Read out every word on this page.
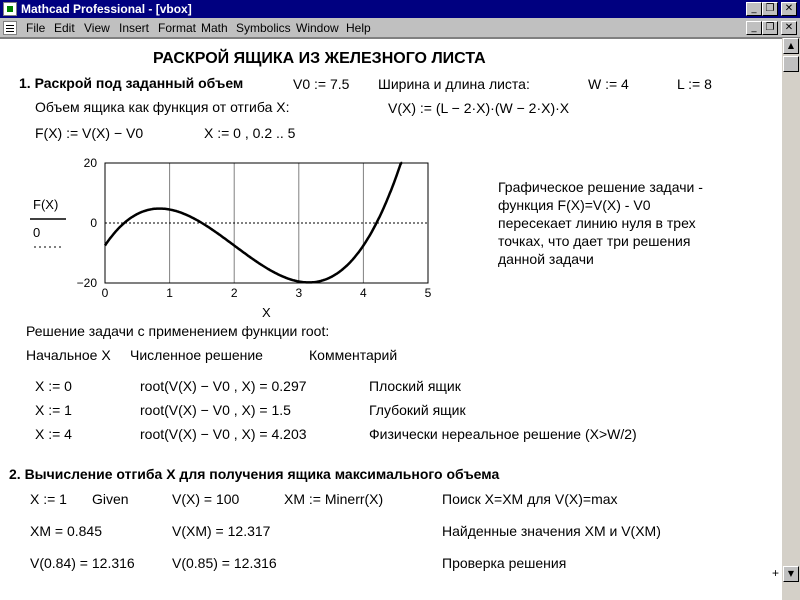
Mathcad Professional - [vbox]	_ ❐	✕
File Edit View Insert Format Math Symbolics Window Help	_ ❐	✕
РАСКРОЙ ЯЩИКА ИЗ ЖЕЛЕЗНОГО ЛИСТА
1. Раскрой под заданный объем	V0 := 7.5 Ширина и длина листа:	W := 4	L := 8
Объем ящика как функция от отгиба X:	V(X) := (L − 2·X)·(W − 2·X)·X
F(X) := V(X) − V0	X := 0 , 0.2 .. 5
0	1	2	3	4	5
20
0
−20
F(X)
0
X
Графическое решение задачи -
функция F(X)=V(X) - V0
пересекает линию нуля в трех
точках, что дает три решения
данной задачи
Решение задачи с применением функции root:
Начальное X Численное решение	Комментарий
X := 0	root(V(X) − V0 , X) = 0.297	Плоский ящик
X := 1	root(V(X) − V0 , X) = 1.5	Глубокий ящик
X := 4	root(V(X) − V0 , X) = 4.203	Физически нереальное решение (X>W/2)
2. Вычисление отгиба X для получения ящика максимального объема
X := 1 Given	V(X) = 100	XM := Minerr(X)	Поиск X=XM для V(X)=max
XM = 0.845	V(XM) = 12.317	Найденные значения XM и V(XM)
V(0.84) = 12.316	V(0.85) = 12.316	Проверка решения
+
▲
▼
